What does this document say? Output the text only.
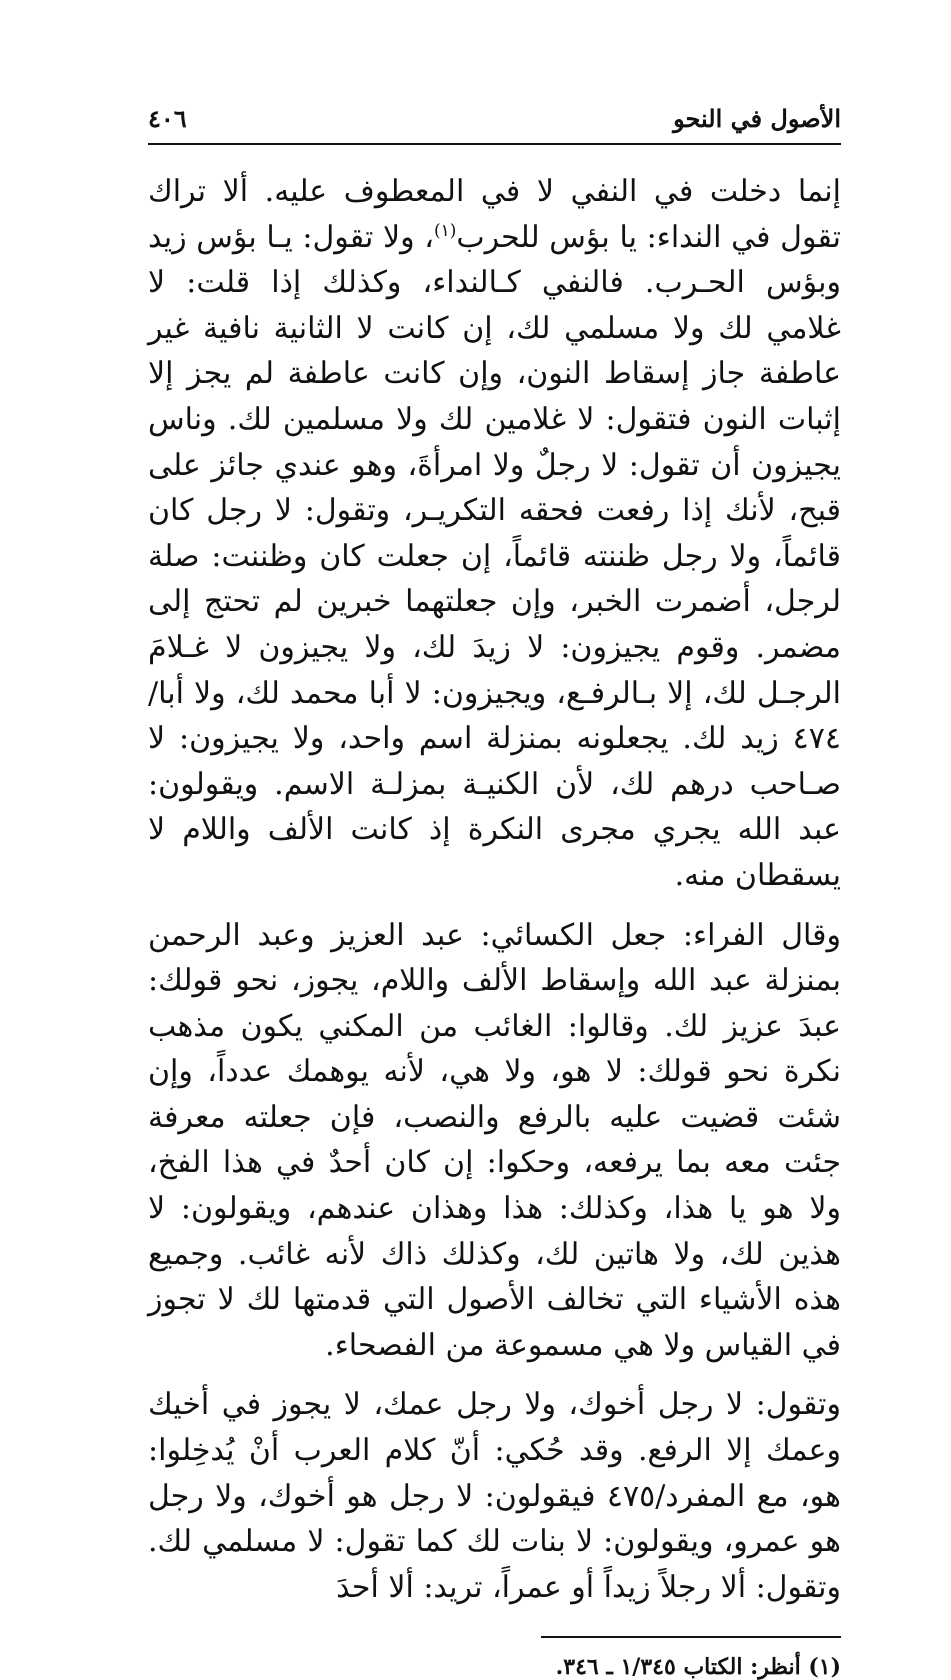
الأصول في النحو
٤٠٦

إنما دخلت في النفي لا في المعطوف عليه. ألا تراك تقول في النداء: يا بؤس للحرب$^{(١)}$، ولا تقول: يـا بؤس زيد وبؤس الحـرب. فالنفي كـالنداء، وكذلك إذا قلت: لا غلامي لك ولا مسلمي لك، إن كانت لا الثانية نافية غير عاطفة جاز إسقاط النون، وإن كانت عاطفة لم يجز إلا إثبات النون فتقول: لا غلامين لك ولا مسلمين لك. وناس يجيزون أن تقول: لا رجلٌ ولا امرأةَ، وهو عندي جائز على قبح، لأنك إذا رفعت فحقه التكريـر، وتقول: لا رجل كان قائماً، ولا رجل ظننته قائماً، إن جعلت كان وظننت: صلة لرجل، أضمرت الخبر، وإن جعلتهما خبرين لم تحتج إلى مضمر. وقوم يجيزون: لا زيدَ لك، ولا يجيزون لا غـلامَ الرجـل لك، إلا بـالرفـع، ويجيزون: لا أبا محمد لك، ولا أبا/٤٧٤ زيد لك. يجعلونه بمنزلة اسم واحد، ولا يجيزون: لا صـاحب درهم لك، لأن الكنيـة بمزلـة الاسم. ويقولون: عبد الله يجري مجرى النكرة إذ كانت الألف واللام لا يسقطان منه.

وقال الفراء: جعل الكسائي: عبد العزيز وعبد الرحمن بمنزلة عبد الله وإسقاط الألف واللام، يجوز، نحو قولك: عبدَ عزيز لك. وقالوا: الغائب من المكني يكون مذهب نكرة نحو قولك: لا هو، ولا هي، لأنه يوهمك عدداً، وإن شئت قضيت عليه بالرفع والنصب، فإن جعلته معرفة جئت معه بما يرفعه، وحكوا: إن كان أحدٌ في هذا الفخ، ولا هو يا هذا، وكذلك: هذا وهذان عندهم، ويقولون: لا هذين لك، ولا هاتين لك، وكذلك ذاك لأنه غائب. وجميع هذه الأشياء التي تخالف الأصول التي قدمتها لك لا تجوز في القياس ولا هي مسموعة من الفصحاء.

وتقول: لا رجل أخوك، ولا رجل عمك، لا يجوز في أخيك وعمك إلا الرفع. وقد حُكي: أنّ كلام العرب أنْ يُدخِلوا: هو، مع المفرد/٤٧٥ فيقولون: لا رجل هو أخوك، ولا رجل هو عمرو، ويقولون: لا بنات لك كما تقول: لا مسلمي لك. وتقول: ألا رجلاً زيداً أو عمراً، تريد: ألا أحدَ

(١) أنظر: الكتاب ١/٣٤٥ ـ ٣٤٦.
